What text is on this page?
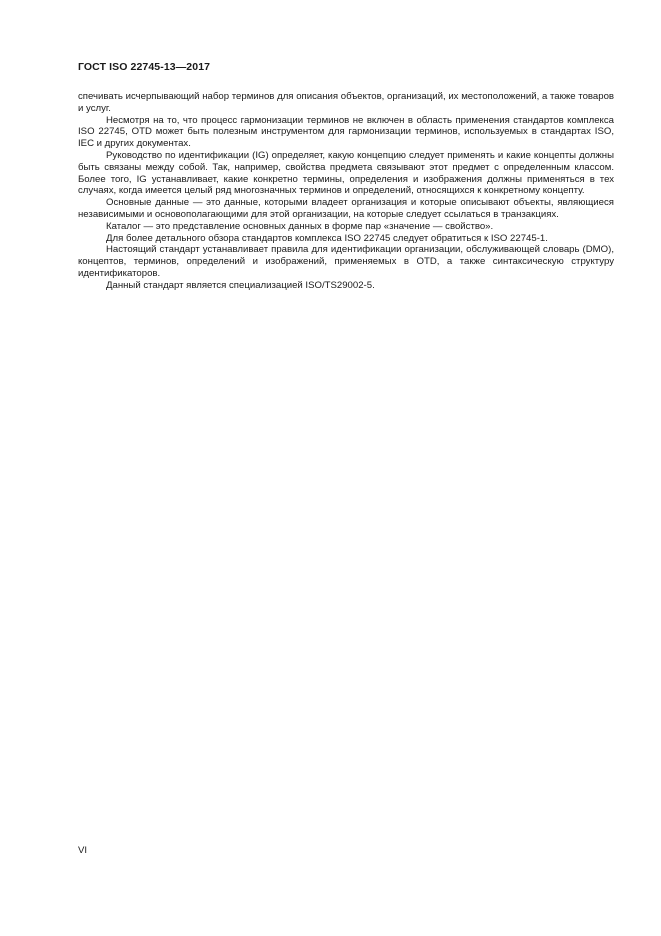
ГОСТ ISO 22745-13—2017

спечивать исчерпывающий набор терминов для описания объектов, организаций, их местоположений, а также товаров и услуг.

Несмотря на то, что процесс гармонизации терминов не включен в область применения стандартов комплекса ISO 22745, OTD может быть полезным инструментом для гармонизации терминов, используемых в стандартах ISO, IEC и других документах.

Руководство по идентификации (IG) определяет, какую концепцию следует применять и какие концепты должны быть связаны между собой. Так, например, свойства предмета связывают этот предмет с определенным классом. Более того, IG устанавливает, какие конкретно термины, определения и изображения должны применяться в тех случаях, когда имеется целый ряд многозначных терминов и определений, относящихся к конкретному концепту.

Основные данные — это данные, которыми владеет организация и которые описывают объекты, являющиеся независимыми и основополагающими для этой организации, на которые следует ссылаться в транзакциях.

Каталог — это представление основных данных в форме пар «значение — свойство».

Для более детального обзора стандартов комплекса ISO 22745 следует обратиться к ISO 22745-1.

Настоящий стандарт устанавливает правила для идентификации организации, обслуживающей словарь (DMO), концептов, терминов, определений и изображений, применяемых в OTD, а также синтаксическую структуру идентификаторов.

Данный стандарт является специализацией ISO/TS29002-5.

VI
